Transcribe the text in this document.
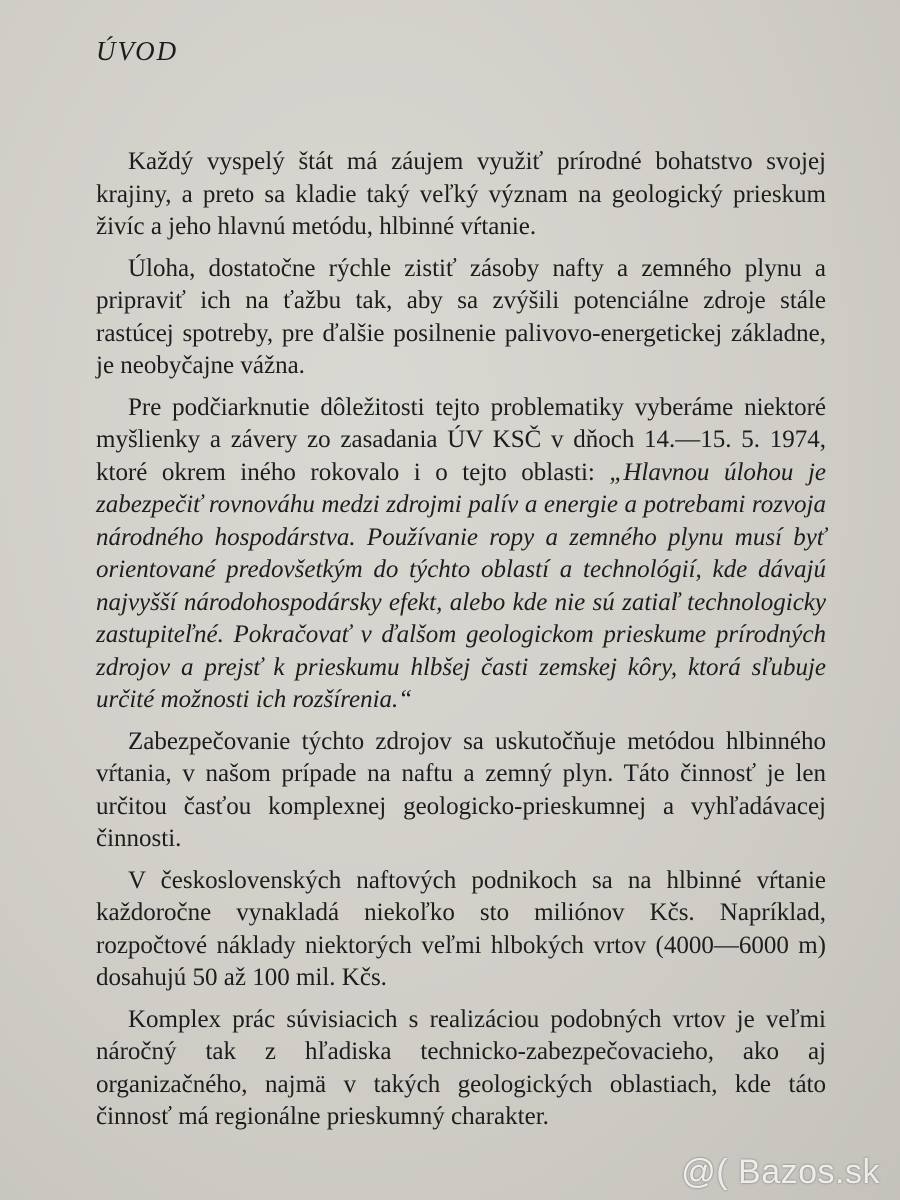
ÚVOD

Každý vyspelý štát má záujem využiť prírodné bohatstvo svojej krajiny, a preto sa kladie taký veľký význam na geologický prieskum živíc a jeho hlavnú metódu, hlbinné vŕtanie.

Úloha, dostatočne rýchle zistiť zásoby nafty a zemného plynu a pripraviť ich na ťažbu tak, aby sa zvýšili potenciálne zdroje stále rastúcej spotreby, pre ďalšie posilnenie palivovo-energetickej základne, je neobyčajne vážna.

Pre podčiarknutie dôležitosti tejto problematiky vyberáme niektoré myšlienky a závery zo zasadania ÚV KSČ v dňoch 14.—15. 5. 1974, ktoré okrem iného rokovalo i o tejto oblasti: „Hlavnou úlohou je zabezpečiť rovnováhu medzi zdrojmi palív a energie a potrebami rozvoja národného hospodárstva. Používanie ropy a zemného plynu musí byť orientované predovšetkým do týchto oblastí a technológií, kde dávajú najvyšší národohospodársky efekt, alebo kde nie sú zatiaľ technologicky zastupiteľné. Pokračovať v ďalšom geologickom prieskume prírodných zdrojov a prejsť k prieskumu hlbšej časti zemskej kôry, ktorá sľubuje určité možnosti ich rozšírenia.“

Zabezpečovanie týchto zdrojov sa uskutočňuje metódou hlbinného vŕtania, v našom prípade na naftu a zemný plyn. Táto činnosť je len určitou časťou komplexnej geologicko-prieskumnej a vyhľadávacej činnosti.

V československých naftových podnikoch sa na hlbinné vŕtanie každoročne vynakladá niekoľko sto miliónov Kčs. Napríklad, rozpočtové náklady niektorých veľmi hlbokých vrtov (4000—6000 m) dosahujú 50 až 100 mil. Kčs.

Komplex prác súvisiacich s realizáciou podobných vrtov je veľmi náročný tak z hľadiska technicko-zabezpečovacieho, ako aj organizačného, najmä v takých geologických oblastiach, kde táto činnosť má regionálne prieskumný charakter.

@( Bazos.sk
